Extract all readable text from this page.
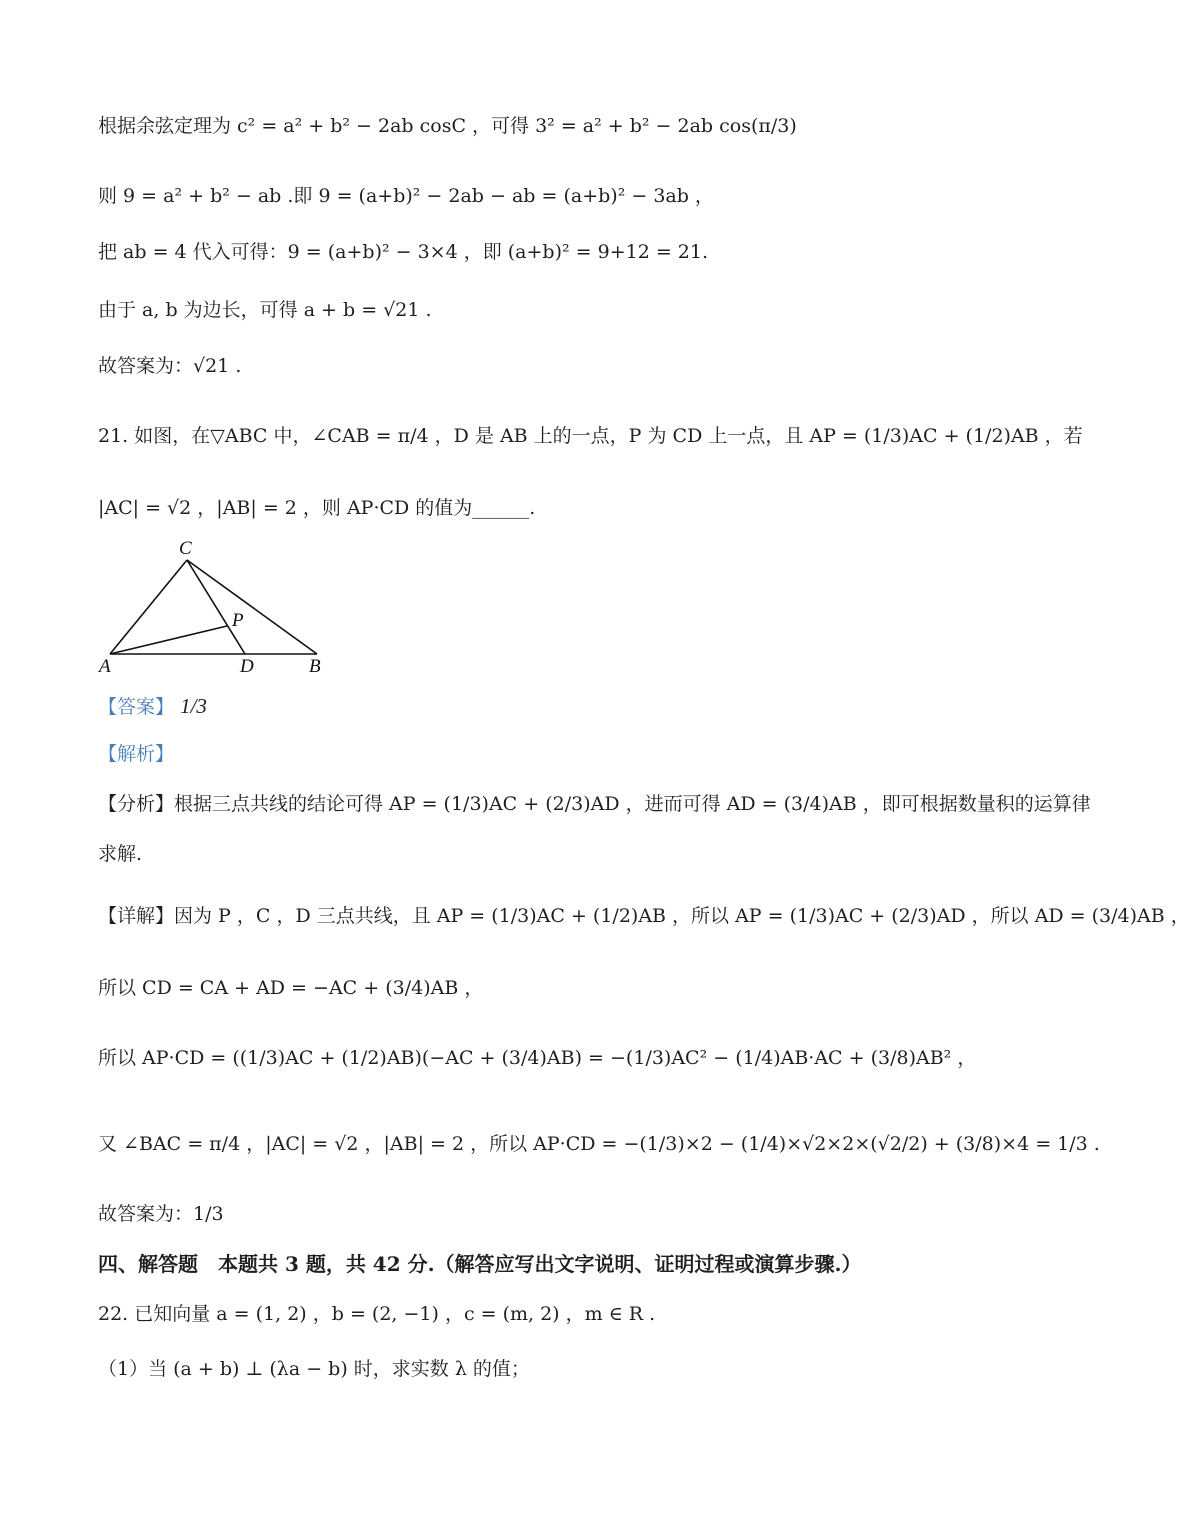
根据余弦定理为 c² = a² + b² − 2ab cosC ，可得 3² = a² + b² − 2ab cos(π/3)
则 9 = a² + b² − ab .即 9 = (a+b)² − 2ab − ab = (a+b)² − 3ab ，
把 ab = 4 代入可得：9 = (a+b)² − 3×4 ，即 (a+b)² = 9+12 = 21.
由于 a, b 为边长，可得 a + b = √21 .
故答案为：√21 .
21. 如图，在▽ABC 中，∠CAB = π/4 ，D 是 AB 上的一点，P 为 CD 上一点，且 AP = (1/3)AC + (1/2)AB ，若
|AC| = √2 ，|AB| = 2 ，则 AP·CD 的值为______.
C
P
A	D	B
【答案】 1/3
【解析】
【分析】根据三点共线的结论可得 AP = (1/3)AC + (2/3)AD ，进而可得 AD = (3/4)AB ，即可根据数量积的运算律
求解.
【详解】因为 P ，C ，D 三点共线，且 AP = (1/3)AC + (1/2)AB ，所以 AP = (1/3)AC + (2/3)AD ，所以 AD = (3/4)AB ，
所以 CD = CA + AD = −AC + (3/4)AB ，
所以 AP·CD = ((1/3)AC + (1/2)AB)(−AC + (3/4)AB) = −(1/3)AC² − (1/4)AB·AC + (3/8)AB² ，
又 ∠BAC = π/4 ，|AC| = √2 ，|AB| = 2 ，所以 AP·CD = −(1/3)×2 − (1/4)×√2×2×(√2/2) + (3/8)×4 = 1/3 .
故答案为：1/3
四、解答题　本题共 3 题，共 42 分.（解答应写出文字说明、证明过程或演算步骤.）
22. 已知向量 a = (1, 2) ，b = (2, −1) ，c = (m, 2) ，m ∈ R .
（1）当 (a + b) ⊥ (λa − b) 时，求实数 λ 的值；
